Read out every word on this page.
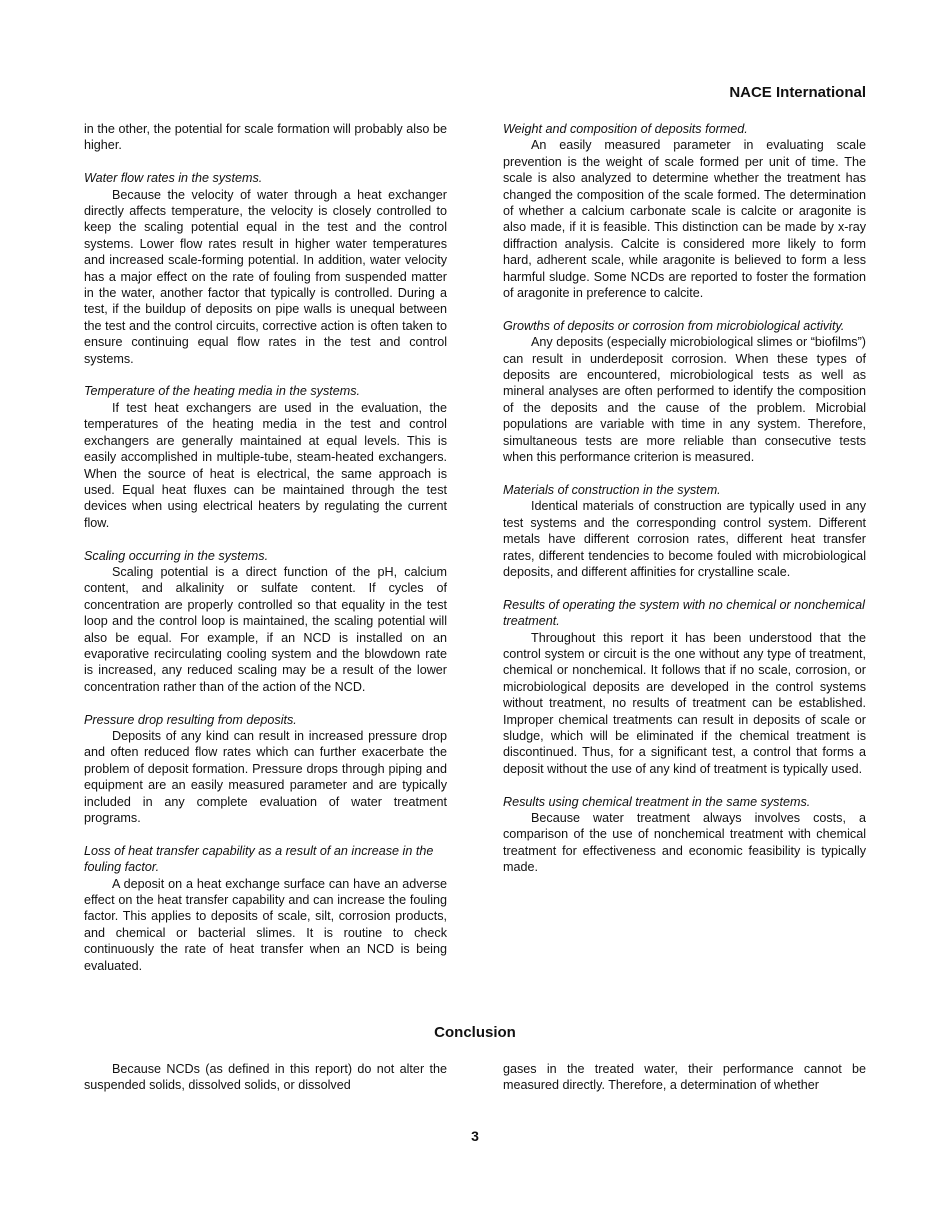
NACE International

in the other, the potential for scale formation will probably also be higher.

Water flow rates in the systems.

Because the velocity of water through a heat exchanger directly affects temperature, the velocity is closely controlled to keep the scaling potential equal in the test and the control systems. Lower flow rates result in higher water temperatures and increased scale-forming potential. In addition, water velocity has a major effect on the rate of fouling from suspended matter in the water, another factor that typically is controlled. During a test, if the buildup of deposits on pipe walls is unequal between the test and the control circuits, corrective action is often taken to ensure continuing equal flow rates in the test and control systems.

Temperature of the heating media in the systems.

If test heat exchangers are used in the evaluation, the temperatures of the heating media in the test and control exchangers are generally maintained at equal levels. This is easily accomplished in multiple-tube, steam-heated exchangers. When the source of heat is electrical, the same approach is used. Equal heat fluxes can be maintained through the test devices when using electrical heaters by regulating the current flow.

Scaling occurring in the systems.

Scaling potential is a direct function of the pH, calcium content, and alkalinity or sulfate content. If cycles of concentration are properly controlled so that equality in the test loop and the control loop is maintained, the scaling potential will also be equal. For example, if an NCD is installed on an evaporative recirculating cooling system and the blowdown rate is increased, any reduced scaling may be a result of the lower concentration rather than of the action of the NCD.

Pressure drop resulting from deposits.

Deposits of any kind can result in increased pressure drop and often reduced flow rates which can further exacerbate the problem of deposit formation. Pressure drops through piping and equipment are an easily measured parameter and are typically included in any complete evaluation of water treatment programs.

Loss of heat transfer capability as a result of an increase in the fouling factor.

A deposit on a heat exchange surface can have an adverse effect on the heat transfer capability and can increase the fouling factor. This applies to deposits of scale, silt, corrosion products, and chemical or bacterial slimes. It is routine to check continuously the rate of heat transfer when an NCD is being evaluated.

Weight and composition of deposits formed.

An easily measured parameter in evaluating scale prevention is the weight of scale formed per unit of time. The scale is also analyzed to determine whether the treatment has changed the composition of the scale formed. The determination of whether a calcium carbonate scale is calcite or aragonite is also made, if it is feasible. This distinction can be made by x-ray diffraction analysis. Calcite is considered more likely to form hard, adherent scale, while aragonite is believed to form a less harmful sludge. Some NCDs are reported to foster the formation of aragonite in preference to calcite.

Growths of deposits or corrosion from microbiological activity.

Any deposits (especially microbiological slimes or “biofilms”) can result in underdeposit corrosion. When these types of deposits are encountered, microbiological tests as well as mineral analyses are often performed to identify the composition of the deposits and the cause of the problem. Microbial populations are variable with time in any system. Therefore, simultaneous tests are more reliable than consecutive tests when this performance criterion is measured.

Materials of construction in the system.

Identical materials of construction are typically used in any test systems and the corresponding control system. Different metals have different corrosion rates, different heat transfer rates, different tendencies to become fouled with microbiological deposits, and different affinities for crystalline scale.

Results of operating the system with no chemical or nonchemical treatment.

Throughout this report it has been understood that the control system or circuit is the one without any type of treatment, chemical or nonchemical. It follows that if no scale, corrosion, or microbiological deposits are developed in the control systems without treatment, no results of treatment can be established. Improper chemical treatments can result in deposits of scale or sludge, which will be eliminated if the chemical treatment is discontinued. Thus, for a significant test, a control that forms a deposit without the use of any kind of treatment is typically used.

Results using chemical treatment in the same systems.

Because water treatment always involves costs, a comparison of the use of nonchemical treatment with chemical treatment for effectiveness and economic feasibility is typically made.

Conclusion

Because NCDs (as defined in this report) do not alter the suspended solids, dissolved solids, or dissolved

gases in the treated water, their performance cannot be measured directly. Therefore, a determination of whether

3
